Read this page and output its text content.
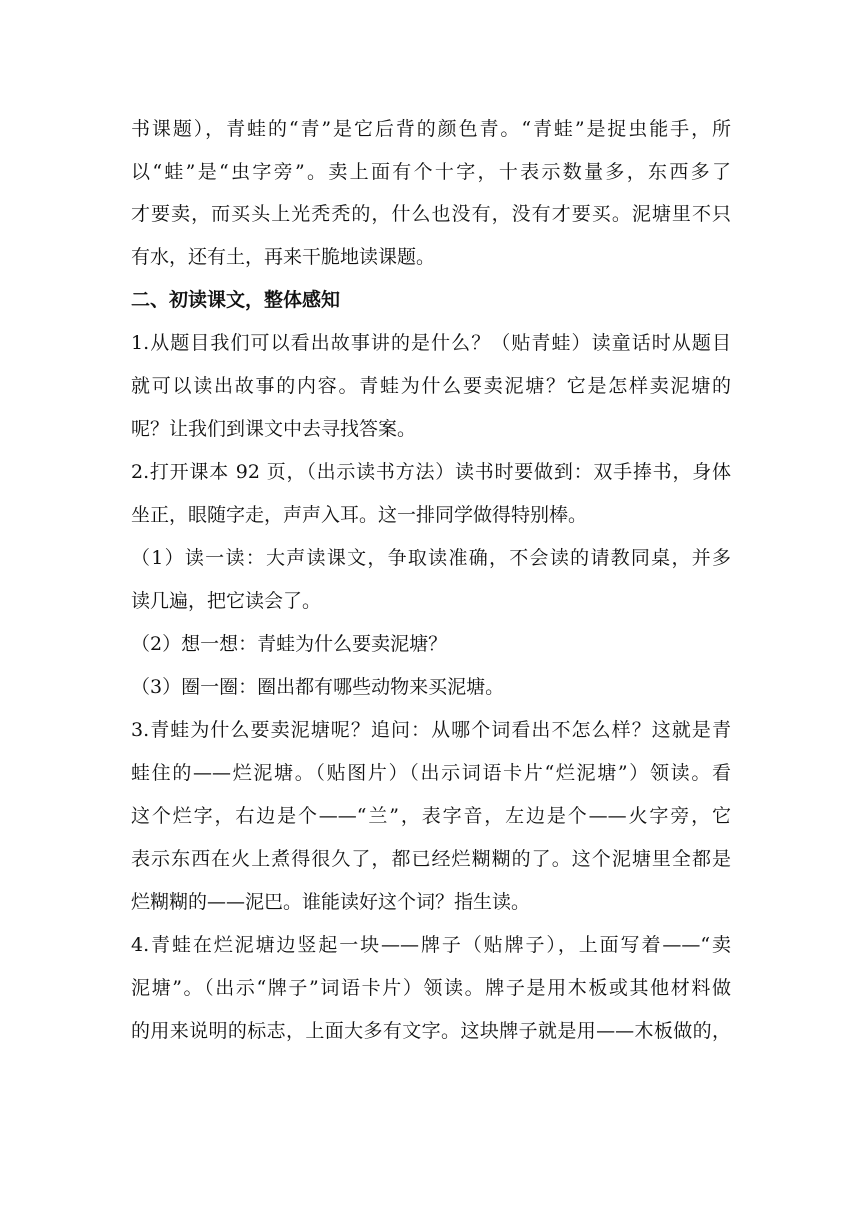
书课题），青蛙的“青”是它后背的颜色青。“青蛙”是捉虫能手，所

以“蛙”是“虫字旁”。卖上面有个十字，十表示数量多，东西多了

才要卖，而买头上光秃秃的，什么也没有，没有才要买。泥塘里不只

有水，还有土，再来干脆地读课题。

二、初读课文，整体感知

1.从题目我们可以看出故事讲的是什么？（贴青蛙）读童话时从题目

就可以读出故事的内容。青蛙为什么要卖泥塘？它是怎样卖泥塘的

呢？让我们到课文中去寻找答案。

2.打开课本 92 页，（出示读书方法）读书时要做到：双手捧书，身体

坐正，眼随字走，声声入耳。这一排同学做得特别棒。

（1）读一读：大声读课文，争取读准确，不会读的请教同桌，并多

读几遍，把它读会了。

（2）想一想：青蛙为什么要卖泥塘？

（3）圈一圈：圈出都有哪些动物来买泥塘。

3.青蛙为什么要卖泥塘呢？追问：从哪个词看出不怎么样？这就是青

蛙住的——烂泥塘。（贴图片）（出示词语卡片“烂泥塘”）领读。看

这个烂字，右边是个——“兰”，表字音，左边是个——火字旁，它

表示东西在火上煮得很久了，都已经烂糊糊的了。这个泥塘里全都是

烂糊糊的——泥巴。谁能读好这个词？指生读。

4.青蛙在烂泥塘边竖起一块——牌子（贴牌子），上面写着——“卖

泥塘”。（出示“牌子”词语卡片）领读。牌子是用木板或其他材料做

的用来说明的标志，上面大多有文字。这块牌子就是用——木板做的，
